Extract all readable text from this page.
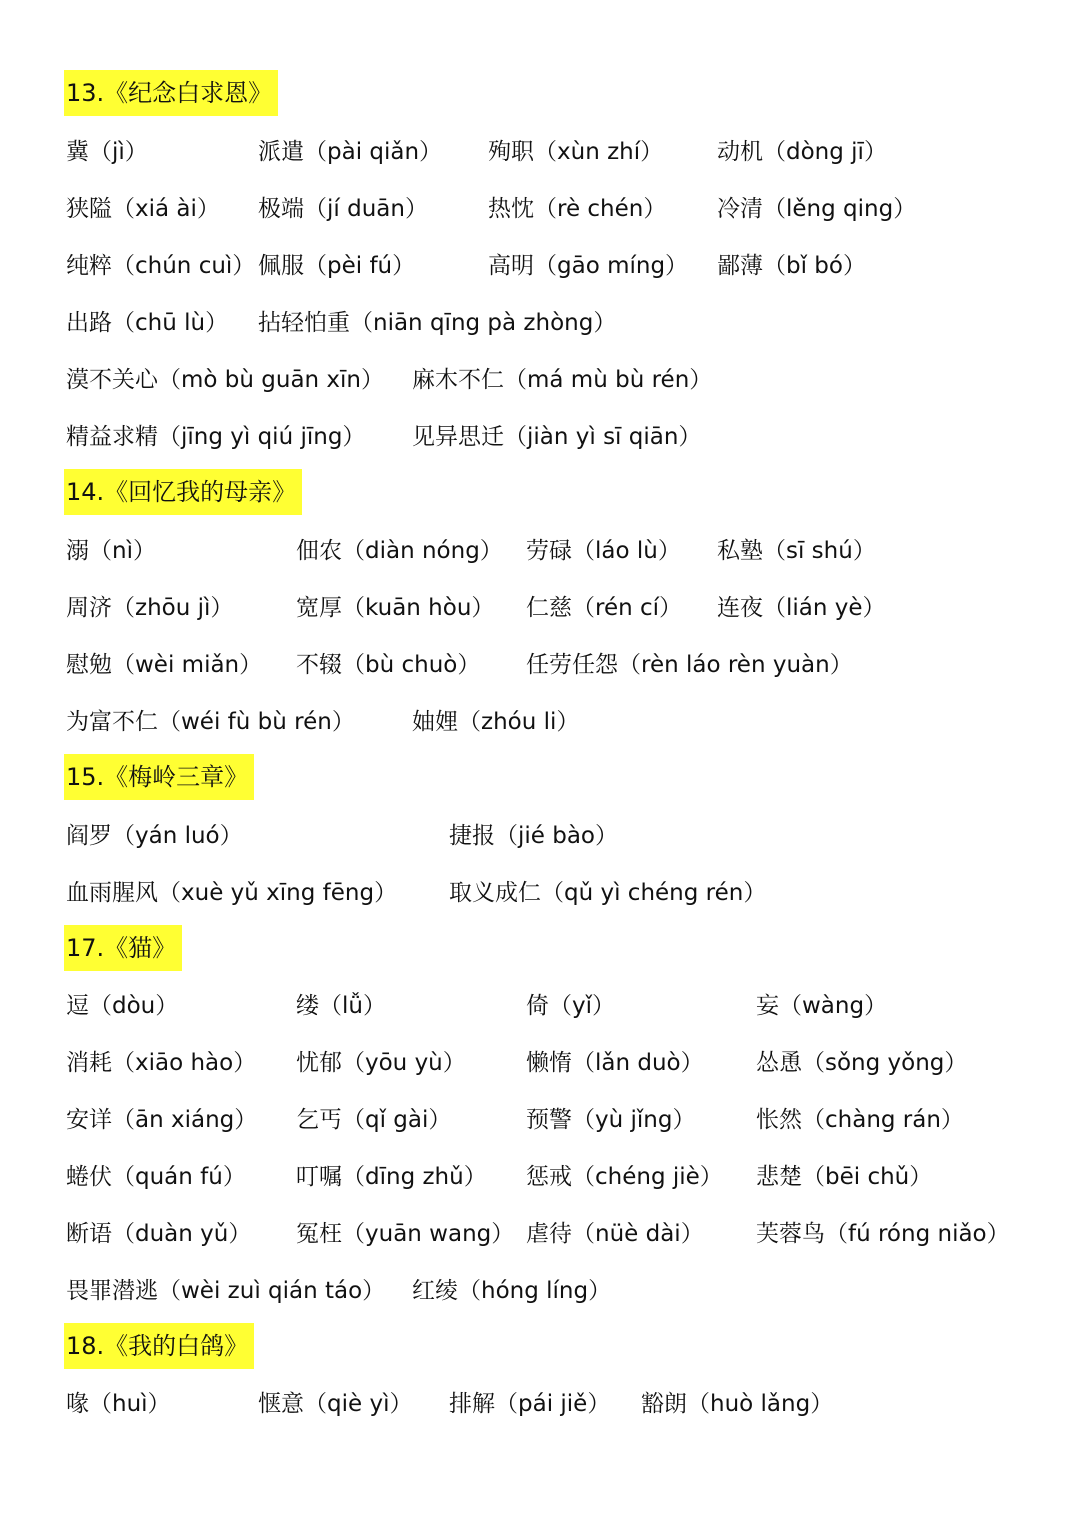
13.《纪念白求恩》
冀（jì）	派遣（pài qiǎn） 殉职（xùn zhí） 动机（dòng jī）
狭隘（xiá ài） 极端（jí duān）	热忱（rè chén） 冷清（lěng qing）
纯粹（chún cuì） 佩服（pèi fú）	高明（gāo míng） 鄙薄（bǐ bó）
出路（chū lù） 拈轻怕重（niān qīng pà zhòng）
漠不关心（mò bù guān xīn） 麻木不仁（má mù bù rén）
精益求精（jīng yì qiú jīng） 见异思迁（jiàn yì sī qiān）
14.《回忆我的母亲》
溺（nì）	佃农（diàn nóng） 劳碌（láo lù） 私塾（sī shú）
周济（zhōu jì）	宽厚（kuān hòu） 仁慈（rén cí） 连夜（lián yè）
慰勉（wèi miǎn） 不辍（bù chuò） 任劳任怨（rèn láo rèn yuàn）
为富不仁（wéi fù bù rén） 妯娌（zhóu li）
15.《梅岭三章》
阎罗（yán luó）	捷报（jié bào）
血雨腥风（xuè yǔ xīng fēng） 取义成仁（qǔ yì chéng rén）
17.《猫》
逗（dòu）	缕（lǚ）	倚（yǐ）	妄（wàng）
消耗（xiāo hào） 忧郁（yōu yù）	懒惰（lǎn duò） 怂恿（sǒng yǒng）
安详（ān xiáng） 乞丐（qǐ gài）	预警（yù jǐng）	怅然（chàng rán）
蜷伏（quán fú） 叮嘱（dīng zhǔ） 惩戒（chéng jiè） 悲楚（bēi chǔ）
断语（duàn yǔ） 冤枉（yuān wang） 虐待（nüè dài） 芙蓉鸟（fú róng niǎo）
畏罪潜逃（wèi zuì qián táo） 红绫（hóng líng）
18.《我的白鸽》
喙（huì）	惬意（qiè yì） 排解（pái jiě） 豁朗（huò lǎng）
